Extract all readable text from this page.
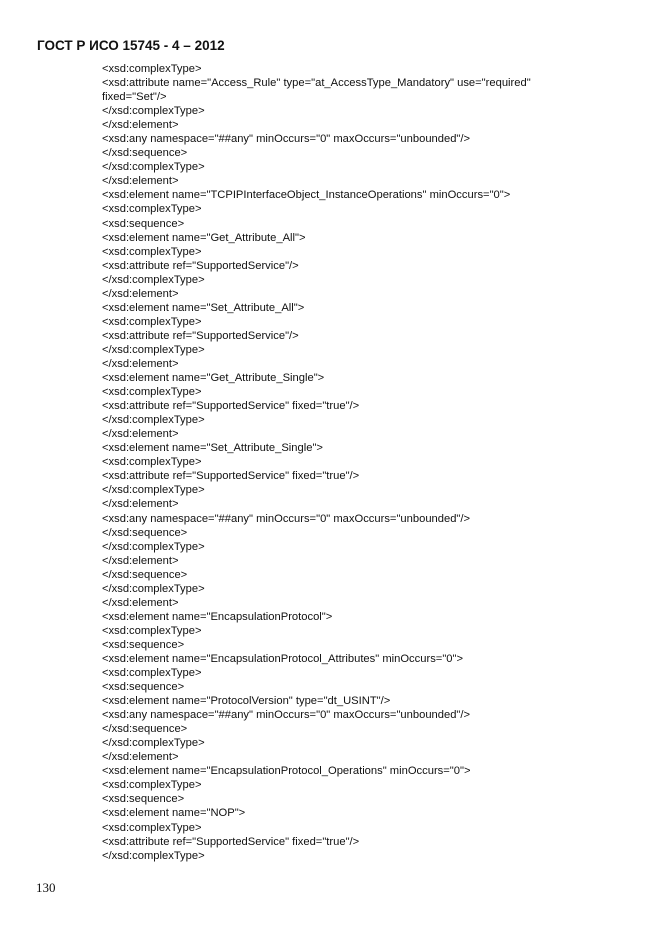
ГОСТ Р ИСО 15745 - 4 – 2012
<xsd:complexType>
<xsd:attribute name="Access_Rule" type="at_AccessType_Mandatory" use="required"
fixed="Set"/>
</xsd:complexType>
</xsd:element>
<xsd:any namespace="##any" minOccurs="0" maxOccurs="unbounded"/>
</xsd:sequence>
</xsd:complexType>
</xsd:element>
<xsd:element name="TCPIPInterfaceObject_InstanceOperations" minOccurs="0">
<xsd:complexType>
<xsd:sequence>
<xsd:element name="Get_Attribute_All">
<xsd:complexType>
<xsd:attribute ref="SupportedService"/>
</xsd:complexType>
</xsd:element>
<xsd:element name="Set_Attribute_All">
<xsd:complexType>
<xsd:attribute ref="SupportedService"/>
</xsd:complexType>
</xsd:element>
<xsd:element name="Get_Attribute_Single">
<xsd:complexType>
<xsd:attribute ref="SupportedService" fixed="true"/>
</xsd:complexType>
</xsd:element>
<xsd:element name="Set_Attribute_Single">
<xsd:complexType>
<xsd:attribute ref="SupportedService" fixed="true"/>
</xsd:complexType>
</xsd:element>
<xsd:any namespace="##any" minOccurs="0" maxOccurs="unbounded"/>
</xsd:sequence>
</xsd:complexType>
</xsd:element>
</xsd:sequence>
</xsd:complexType>
</xsd:element>
<xsd:element name="EncapsulationProtocol">
<xsd:complexType>
<xsd:sequence>
<xsd:element name="EncapsulationProtocol_Attributes" minOccurs="0">
<xsd:complexType>
<xsd:sequence>
<xsd:element name="ProtocolVersion" type="dt_USINT"/>
<xsd:any namespace="##any" minOccurs="0" maxOccurs="unbounded"/>
</xsd:sequence>
</xsd:complexType>
</xsd:element>
<xsd:element name="EncapsulationProtocol_Operations" minOccurs="0">
<xsd:complexType>
<xsd:sequence>
<xsd:element name="NOP">
<xsd:complexType>
<xsd:attribute ref="SupportedService" fixed="true"/>
</xsd:complexType>
130
